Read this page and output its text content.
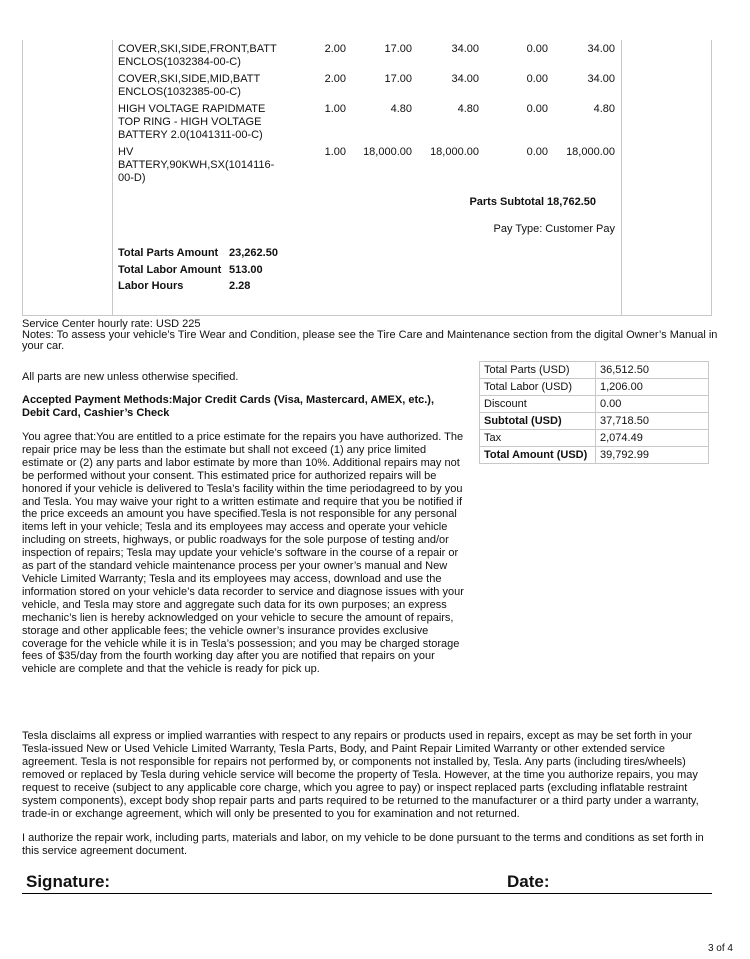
COVER,SKI,SIDE,FRONT,BATT
ENCLOS(1032384-00-C)
2.00	17.00	34.00	0.00	34.00
COVER,SKI,SIDE,MID,BATT
ENCLOS(1032385-00-C)
2.00	17.00	34.00	0.00	34.00
HIGH VOLTAGE RAPIDMATE
TOP RING - HIGH VOLTAGE
BATTERY 2.0(1041311-00-C)
1.00	4.80	4.80	0.00	4.80
HV
BATTERY,90KWH,SX(1014116-
00-D)
1.00	18,000.00	18,000.00	0.00	18,000.00
Parts Subtotal 18,762.50
Pay Type: Customer Pay
Total Parts Amount 23,262.50
Total Labor Amount 513.00
Labor Hours	2.28
Service Center hourly rate: USD 225
Notes: To assess your vehicle’s Tire Wear and Condition, please see the Tire Care and Maintenance section from the digital Owner’s Manual in your car.
All parts are new unless otherwise specified.
Accepted Payment Methods:Major Credit Cards (Visa, Mastercard, AMEX, etc.), Debit Card, Cashier’s Check
You agree that:You are entitled to a price estimate for the repairs you have authorized. The repair price may be less than the estimate but shall not exceed (1) any price limited estimate or (2) any parts and labor estimate by more than 10%. Additional repairs may not be performed without your consent. This estimated price for authorized repairs will be honored if your vehicle is delivered to Tesla’s facility within the time periodagreed to by you and Tesla. You may waive your right to a written estimate and require that you be notified if the price exceeds an amount you have specified.Tesla is not responsible for any personal items left in your vehicle; Tesla and its employees may access and operate your vehicle including on streets, highways, or public roadways for the sole purpose of testing and/or inspection of repairs; Tesla may update your vehicle’s software in the course of a repair or as part of the standard vehicle maintenance process per your owner’s manual and New Vehicle Limited Warranty; Tesla and its employees may access, download and use the information stored on your vehicle’s data recorder to service and diagnose issues with your vehicle, and Tesla may store and aggregate such data for its own purposes; an express mechanic’s lien is hereby acknowledged on your vehicle to secure the amount of repairs, storage and other applicable fees; the vehicle owner’s insurance provides exclusive coverage for the vehicle while it is in Tesla’s possession; and you may be charged storage fees of $35/day from the fourth working day after you are notified that repairs on your vehicle are complete and that the vehicle is ready for pick up.
Total Parts (USD)	36,512.50
Total Labor (USD)	1,206.00
Discount	0.00
Subtotal (USD)	37,718.50
Tax	2,074.49
Total Amount (USD)	39,792.99
Tesla disclaims all express or implied warranties with respect to any repairs or products used in repairs, except as may be set forth in your Tesla-issued New or Used Vehicle Limited Warranty, Tesla Parts, Body, and Paint Repair Limited Warranty or other extended service agreement. Tesla is not responsible for repairs not performed by, or components not installed by, Tesla. Any parts (including tires/wheels) removed or replaced by Tesla during vehicle service will become the property of Tesla. However, at the time you authorize repairs, you may request to receive (subject to any applicable core charge, which you agree to pay) or inspect replaced parts (excluding inflatable restraint system components), except body shop repair parts and parts required to be returned to the manufacturer or a third party under a warranty, trade-in or exchange agreement, which will only be presented to you for examination and not returned.
I authorize the repair work, including parts, materials and labor, on my vehicle to be done pursuant to the terms and conditions as set forth in this service agreement document.
Signature:	Date:
3 of 4
